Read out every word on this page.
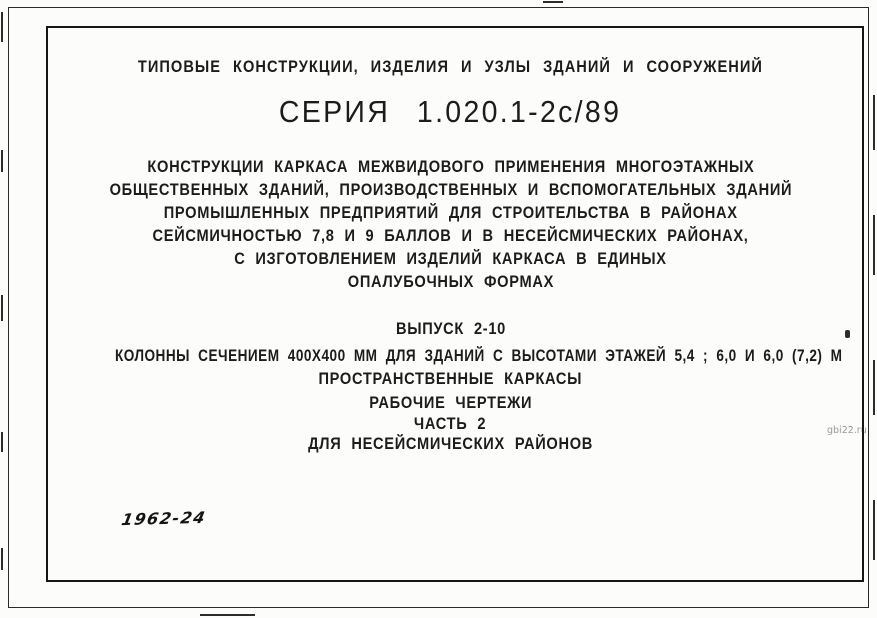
gbi22.ru
ТИПОВЫЕ КОНСТРУКЦИИ, ИЗДЕЛИЯ И УЗЛЫ ЗДАНИЙ И СООРУЖЕНИЙ
СЕРИЯ 1.020.1-2с/89
КОНСТРУКЦИИ КАРКАСА МЕЖВИДОВОГО ПРИМЕНЕНИЯ МНОГОЭТАЖНЫХ
ОБЩЕСТВЕННЫХ ЗДАНИЙ, ПРОИЗВОДСТВЕННЫХ И ВСПОМОГАТЕЛЬНЫХ ЗДАНИЙ
ПРОМЫШЛЕННЫХ ПРЕДПРИЯТИЙ ДЛЯ СТРОИТЕЛЬСТВА В РАЙОНАХ
СЕЙСМИЧНОСТЬЮ 7,8 И 9 БАЛЛОВ И В НЕСЕЙСМИЧЕСКИХ РАЙОНАХ,
С ИЗГОТОВЛЕНИЕМ ИЗДЕЛИЙ КАРКАСА В ЕДИНЫХ
ОПАЛУБОЧНЫХ ФОРМАХ
ВЫПУСК 2-10
КОЛОННЫ СЕЧЕНИЕМ 400X400 ММ ДЛЯ ЗДАНИЙ С ВЫСОТАМИ ЭТАЖЕЙ 5,4 ; 6,0 И 6,0 (7,2) М
ПРОСТРАНСТВЕННЫЕ КАРКАСЫ
РАБОЧИЕ ЧЕРТЕЖИ
ЧАСТЬ 2
ДЛЯ НЕСЕЙСМИЧЕСКИХ РАЙОНОВ
1962-24
